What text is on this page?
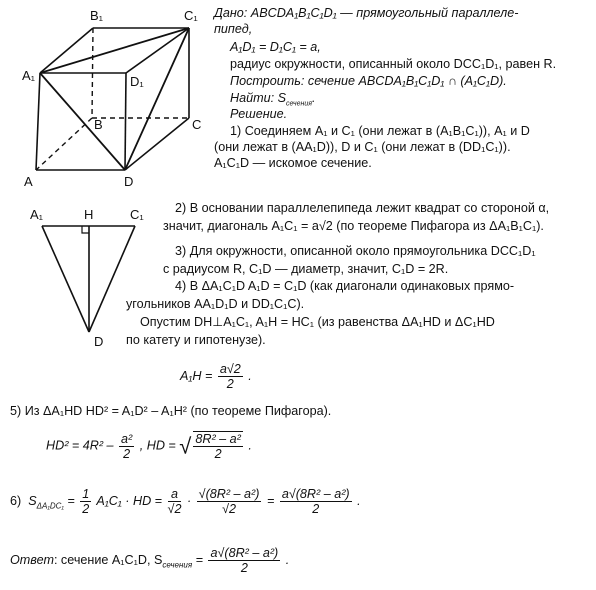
B₁	C₁
A₁	D₁
B	C
A	D
A₁	H	C₁
D
Дано: ABCDA₁B₁C₁D₁ — прямоугольный параллеле-
пипед,
A₁D₁ = D₁C₁ = a,
радиус окружности, описанный около DCC₁D₁, равен R.
Построить: сечение ABCDA₁B₁C₁D₁ ∩ (A₁C₁D).
Найти: $S_{сечения}$.
Решение.
1) Соединяем A₁ и C₁ (они лежат в (A₁B₁C₁)), A₁ и D
(они лежат в (AA₁D)), D и C₁ (они лежат в (DD₁C₁)).
A₁C₁D — искомое сечение.
2) В основании параллелепипеда лежит квадрат со стороной α,
значит, диагональ A₁C₁ = a√2 (по теореме Пифагора из ΔA₁B₁C₁).
3) Для окружности, описанной около прямоугольника DCC₁D₁
с радиусом R, C₁D — диаметр, значит, C₁D = 2R.
4) В ΔA₁C₁D A₁D = C₁D (как диагонали одинаковых прямо-
угольников AA₁D₁D и DD₁C₁C).
Опустим DH⊥A₁C₁, A₁H = HC₁ (из равенства ΔA₁HD и ΔC₁HD
по катету и гипотенузе).
$A_1H = \frac{a√2}{2}$ .
5) Из ΔA₁HD HD² = A₁D² – A₁H² (по теореме Пифагора).
$HD^2 = 4R^2 - \frac{\text{a²}}{2}$ , HD = √ $\frac{\text{8R² – a²}}{2}$ .
6) $S_{\Delta A_1DC_1} = \frac{1}{2} A_1C_1$ · HD = $\frac{a}{√2} \cdot \frac{\text{√(8R² – a²)}}{√2} = \frac{\text{a√(8R² – a²)}}{2}$ .
Ответ: сечение A₁C₁D, $S_{сечения} = \frac{\text{a√(8R² – a²)}}{2}$ .
